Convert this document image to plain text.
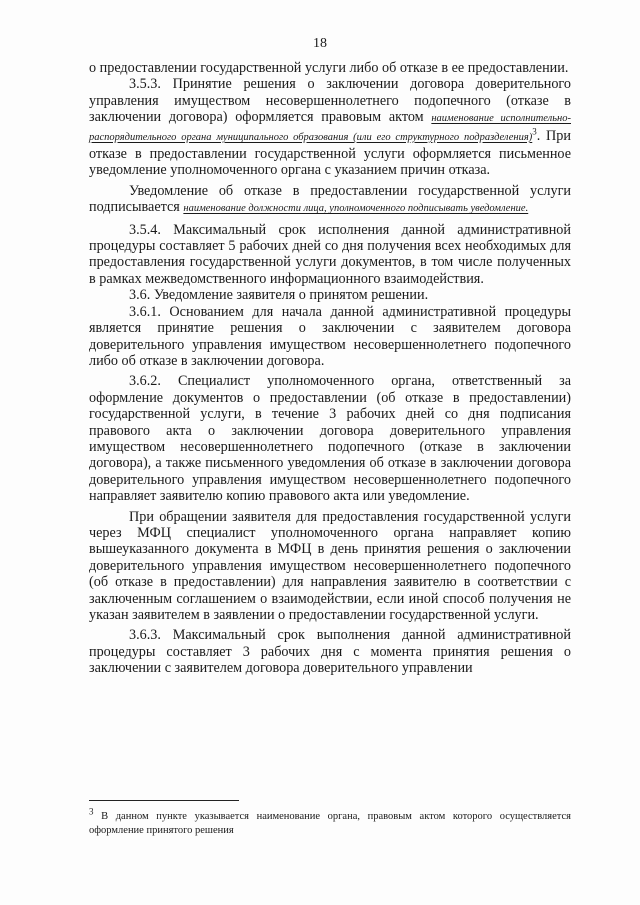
18

о предоставлении государственной услуги либо об отказе в ее предоставлении.

3.5.3. Принятие решения о заключении договора доверительного управления имуществом несовершеннолетнего подопечного (отказе в заключении договора) оформляется правовым актом наименование исполнительно-распорядительного органа муниципального образования (или его структурного подразделения)$^3$. При отказе в предоставлении государственной услуги оформляется письменное уведомление уполномоченного органа с указанием причин отказа.

Уведомление об отказе в предоставлении государственной услуги подписывается наименование должности лица, уполномоченного подписывать уведомление.

3.5.4. Максимальный срок исполнения данной административной процедуры составляет 5 рабочих дней со дня получения всех необходимых для предоставления государственной услуги документов, в том числе полученных в рамках межведомственного информационного взаимодействия.

3.6. Уведомление заявителя о принятом решении.

3.6.1. Основанием для начала данной административной процедуры является принятие решения о заключении с заявителем договора доверительного управления имуществом несовершеннолетнего подопечного либо об отказе в заключении договора.

3.6.2. Специалист уполномоченного органа, ответственный за оформление документов о предоставлении (об отказе в предоставлении) государственной услуги, в течение 3 рабочих дней со дня подписания правового акта о заключении договора доверительного управления имуществом несовершеннолетнего подопечного (отказе в заключении договора), а также письменного уведомления об отказе в заключении договора доверительного управления имуществом несовершеннолетнего подопечного направляет заявителю копию правового акта или уведомление.

При обращении заявителя для предоставления государственной услуги через МФЦ специалист уполномоченного органа направляет копию вышеуказанного документа в МФЦ в день принятия решения о заключении доверительного управления имуществом несовершеннолетнего подопечного (об отказе в предоставлении) для направления заявителю в соответствии с заключенным соглашением о взаимодействии, если иной способ получения не указан заявителем в заявлении о предоставлении государственной услуги.

3.6.3. Максимальный срок выполнения данной административной процедуры составляет 3 рабочих дня с момента принятия решения о заключении с заявителем договора доверительного управлении

$^3$ В данном пункте указывается наименование органа, правовым актом которого осуществляется оформление принятого решения
